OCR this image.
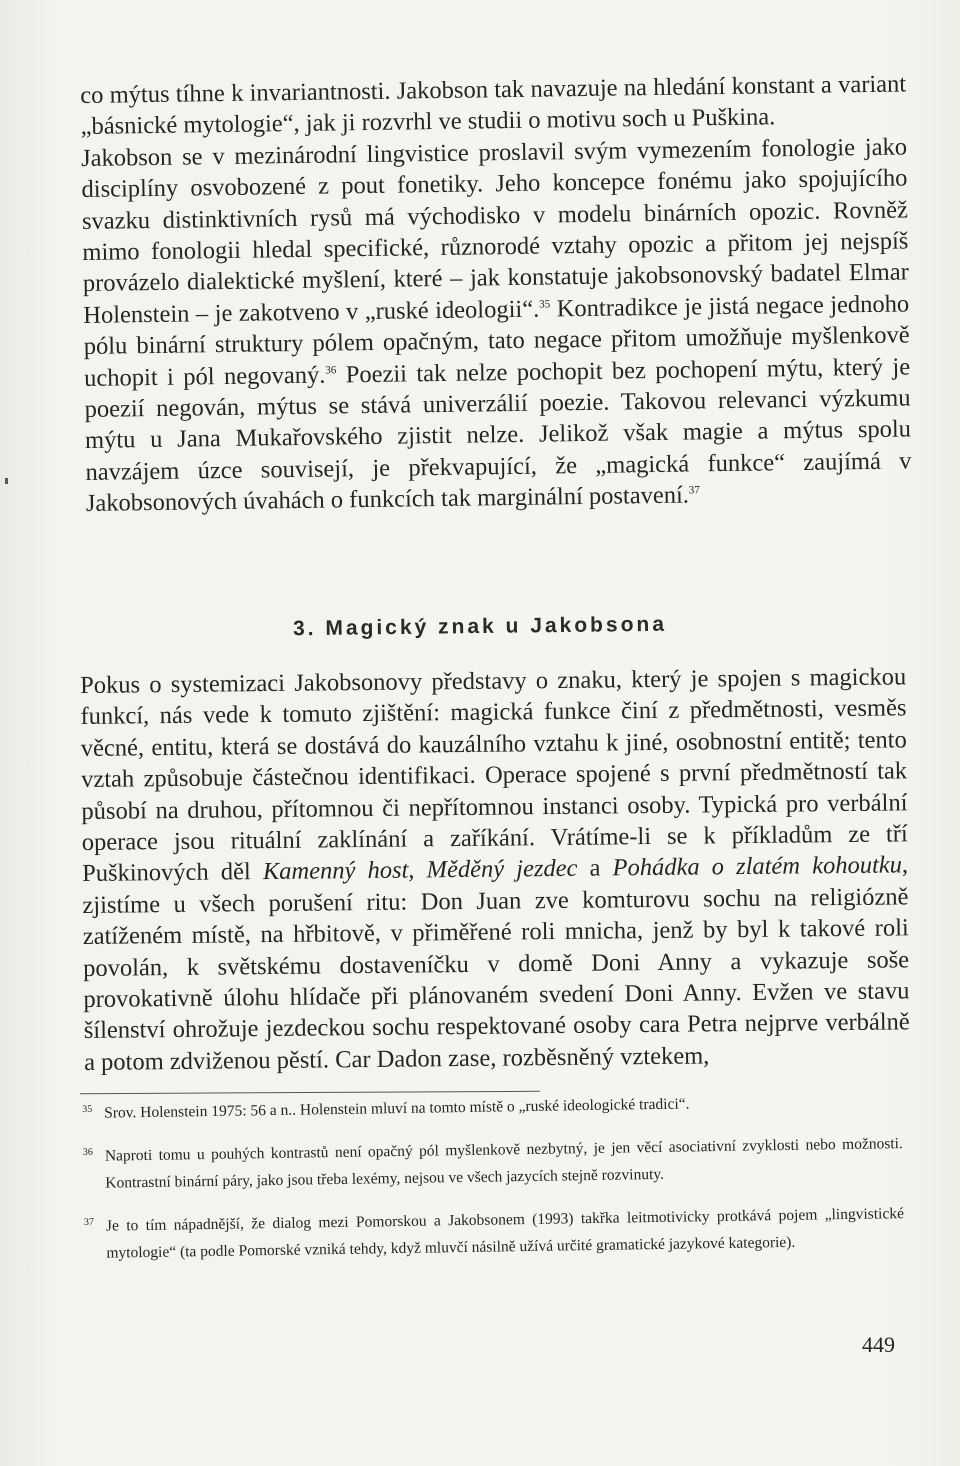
co mýtus tíhne k invariantnosti. Jakobson tak navazuje na hledání konstant a variant „básnické mytologie“, jak ji rozvrhl ve studii o motivu soch u Puškina.

Jakobson se v mezinárodní lingvistice proslavil svým vymezením fonologie jako disciplíny osvobozené z pout fonetiky. Jeho koncepce fonému jako spojujícího svazku distinktivních rysů má východisko v modelu binárních opozic. Rovněž mimo fonologii hledal specifické, různorodé vztahy opozic a přitom jej nejspíš provázelo dialektické myšlení, které – jak konstatuje jakobsonovský badatel Elmar Holenstein – je zakotveno v „ruské ideologii“.$^{35}$ Kontradikce je jistá negace jednoho pólu binární struktury pólem opačným, tato negace přitom umožňuje myšlenkově uchopit i pól negovaný.$^{36}$ Poezii tak nelze pochopit bez pochopení mýtu, který je poezií negován, mýtus se stává univerzálií poezie. Takovou relevanci výzkumu mýtu u Jana Mukařovského zjistit nelze. Jelikož však magie a mýtus spolu navzájem úzce souvisejí, je překvapující, že „magická funkce“ zaujímá v Jakobsonových úvahách o funkcích tak marginální postavení.$^{37}$

3. Magický znak u Jakobsona

Pokus o systemizaci Jakobsonovy představy o znaku, který je spojen s magickou funkcí, nás vede k tomuto zjištění: magická funkce činí z předmětnosti, vesměs věcné, entitu, která se dostává do kauzálního vztahu k jiné, osobnostní entitě; tento vztah způsobuje částečnou identifikaci. Operace spojené s první předmětností tak působí na druhou, přítomnou či nepřítomnou instanci osoby. Typická pro verbální operace jsou rituální zaklínání a zaříkání. Vrátíme-li se k příkladům ze tří Puškinových děl Kamenný host, Měděný jezdec a Pohádka o zlatém kohoutku, zjistíme u všech porušení ritu: Don Juan zve komturovu sochu na religiózně zatíženém místě, na hřbitově, v přiměřené roli mnicha, jenž by byl k takové roli povolán, k světskému dostaveníčku v domě Doni Anny a vykazuje soše provokativně úlohu hlídače při plánovaném svedení Doni Anny. Evžen ve stavu šílenství ohrožuje jezdeckou sochu respektované osoby cara Petra nejprve verbálně a potom zdviženou pěstí. Car Dadon zase, rozběsněný vztekem,

35 Srov. Holenstein 1975: 56 a n.. Holenstein mluví na tomto místě o „ruské ideologické tradici“.
36 Naproti tomu u pouhých kontrastů není opačný pól myšlenkově nezbytný, je jen věcí asociativní zvyklosti nebo možnosti. Kontrastní binární páry, jako jsou třeba lexémy, nejsou ve všech jazycích stejně rozvinuty.
37 Je to tím nápadnější, že dialog mezi Pomorskou a Jakobsonem (1993) takřka leitmotivicky protkává pojem „lingvistické mytologie“ (ta podle Pomorské vzniká tehdy, když mluvčí násilně užívá určité gramatické jazykové kategorie).
449
